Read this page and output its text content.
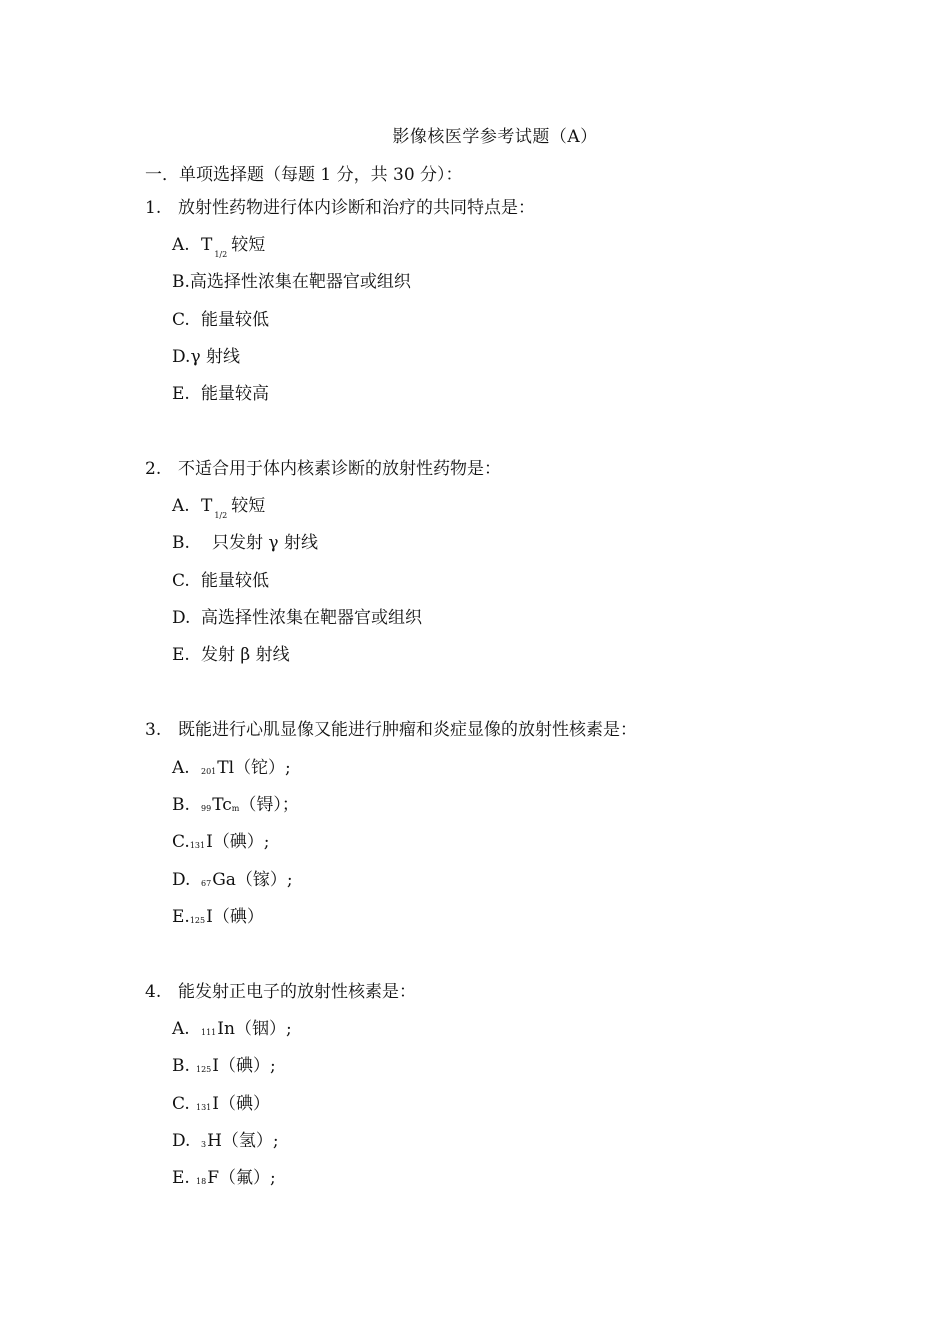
影像核医学参考试题（A）
一．单项选择题（每题 1 分，共 30 分）：
1. 放射性药物进行体内诊断和治疗的共同特点是：
A. T $_{1/2}$ 较短
B.高选择性浓集在靶器官或组织
C. 能量较低
D.γ 射线
E. 能量较高
2. 不适合用于体内核素诊断的放射性药物是：
A. T $_{1/2}$ 较短
B. 只发射 γ 射线
C. 能量较低
D. 高选择性浓集在靶器官或组织
E. 发射 β 射线
3. 既能进行心肌显像又能进行肿瘤和炎症显像的放射性核素是：
A. 201Tl（铊）;
B. 99Tcm（锝）；
C.131I（碘）;
D. 67Ga（镓）;
E.125I（碘）
4. 能发射正电子的放射性核素是：
A. 111In（铟）;
B. 125I（碘）;
C. 131I（碘）
D. 3H（氢）;
E. 18F（氟）;
